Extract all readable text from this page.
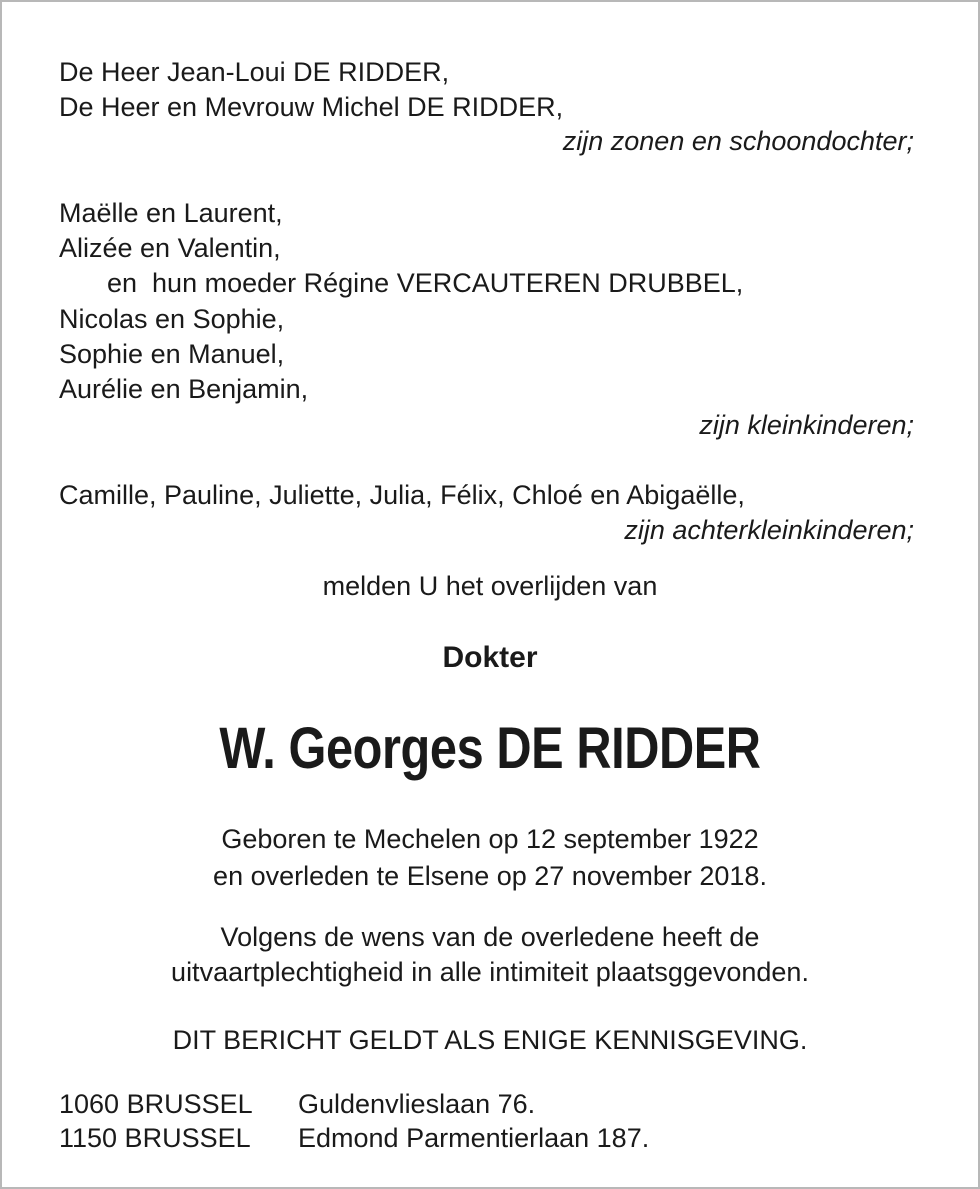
De Heer Jean-Loui DE RIDDER,

De Heer en Mevrouw Michel DE RIDDER,

zijn zonen en schoondochter;

Maëlle en Laurent,

Alizée en Valentin,

en  hun moeder Régine VERCAUTEREN DRUBBEL,

Nicolas en Sophie,

Sophie en Manuel,

Aurélie en Benjamin,

zijn kleinkinderen;

Camille, Pauline, Juliette, Julia, Félix, Chloé en Abigaëlle,

zijn achterkleinkinderen;

melden U het overlijden van

Dokter

W. Georges DE RIDDER

Geboren te Mechelen op 12 september 1922

en overleden te Elsene op 27 november 2018.

Volgens de wens van de overledene heeft de

uitvaartplechtigheid in alle intimiteit plaatsggevonden.

DIT BERICHT GELDT ALS ENIGE KENNISGEVING.

1060 BRUSSEL Guldenvlieslaan 76.

1150 BRUSSEL Edmond Parmentierlaan 187.
